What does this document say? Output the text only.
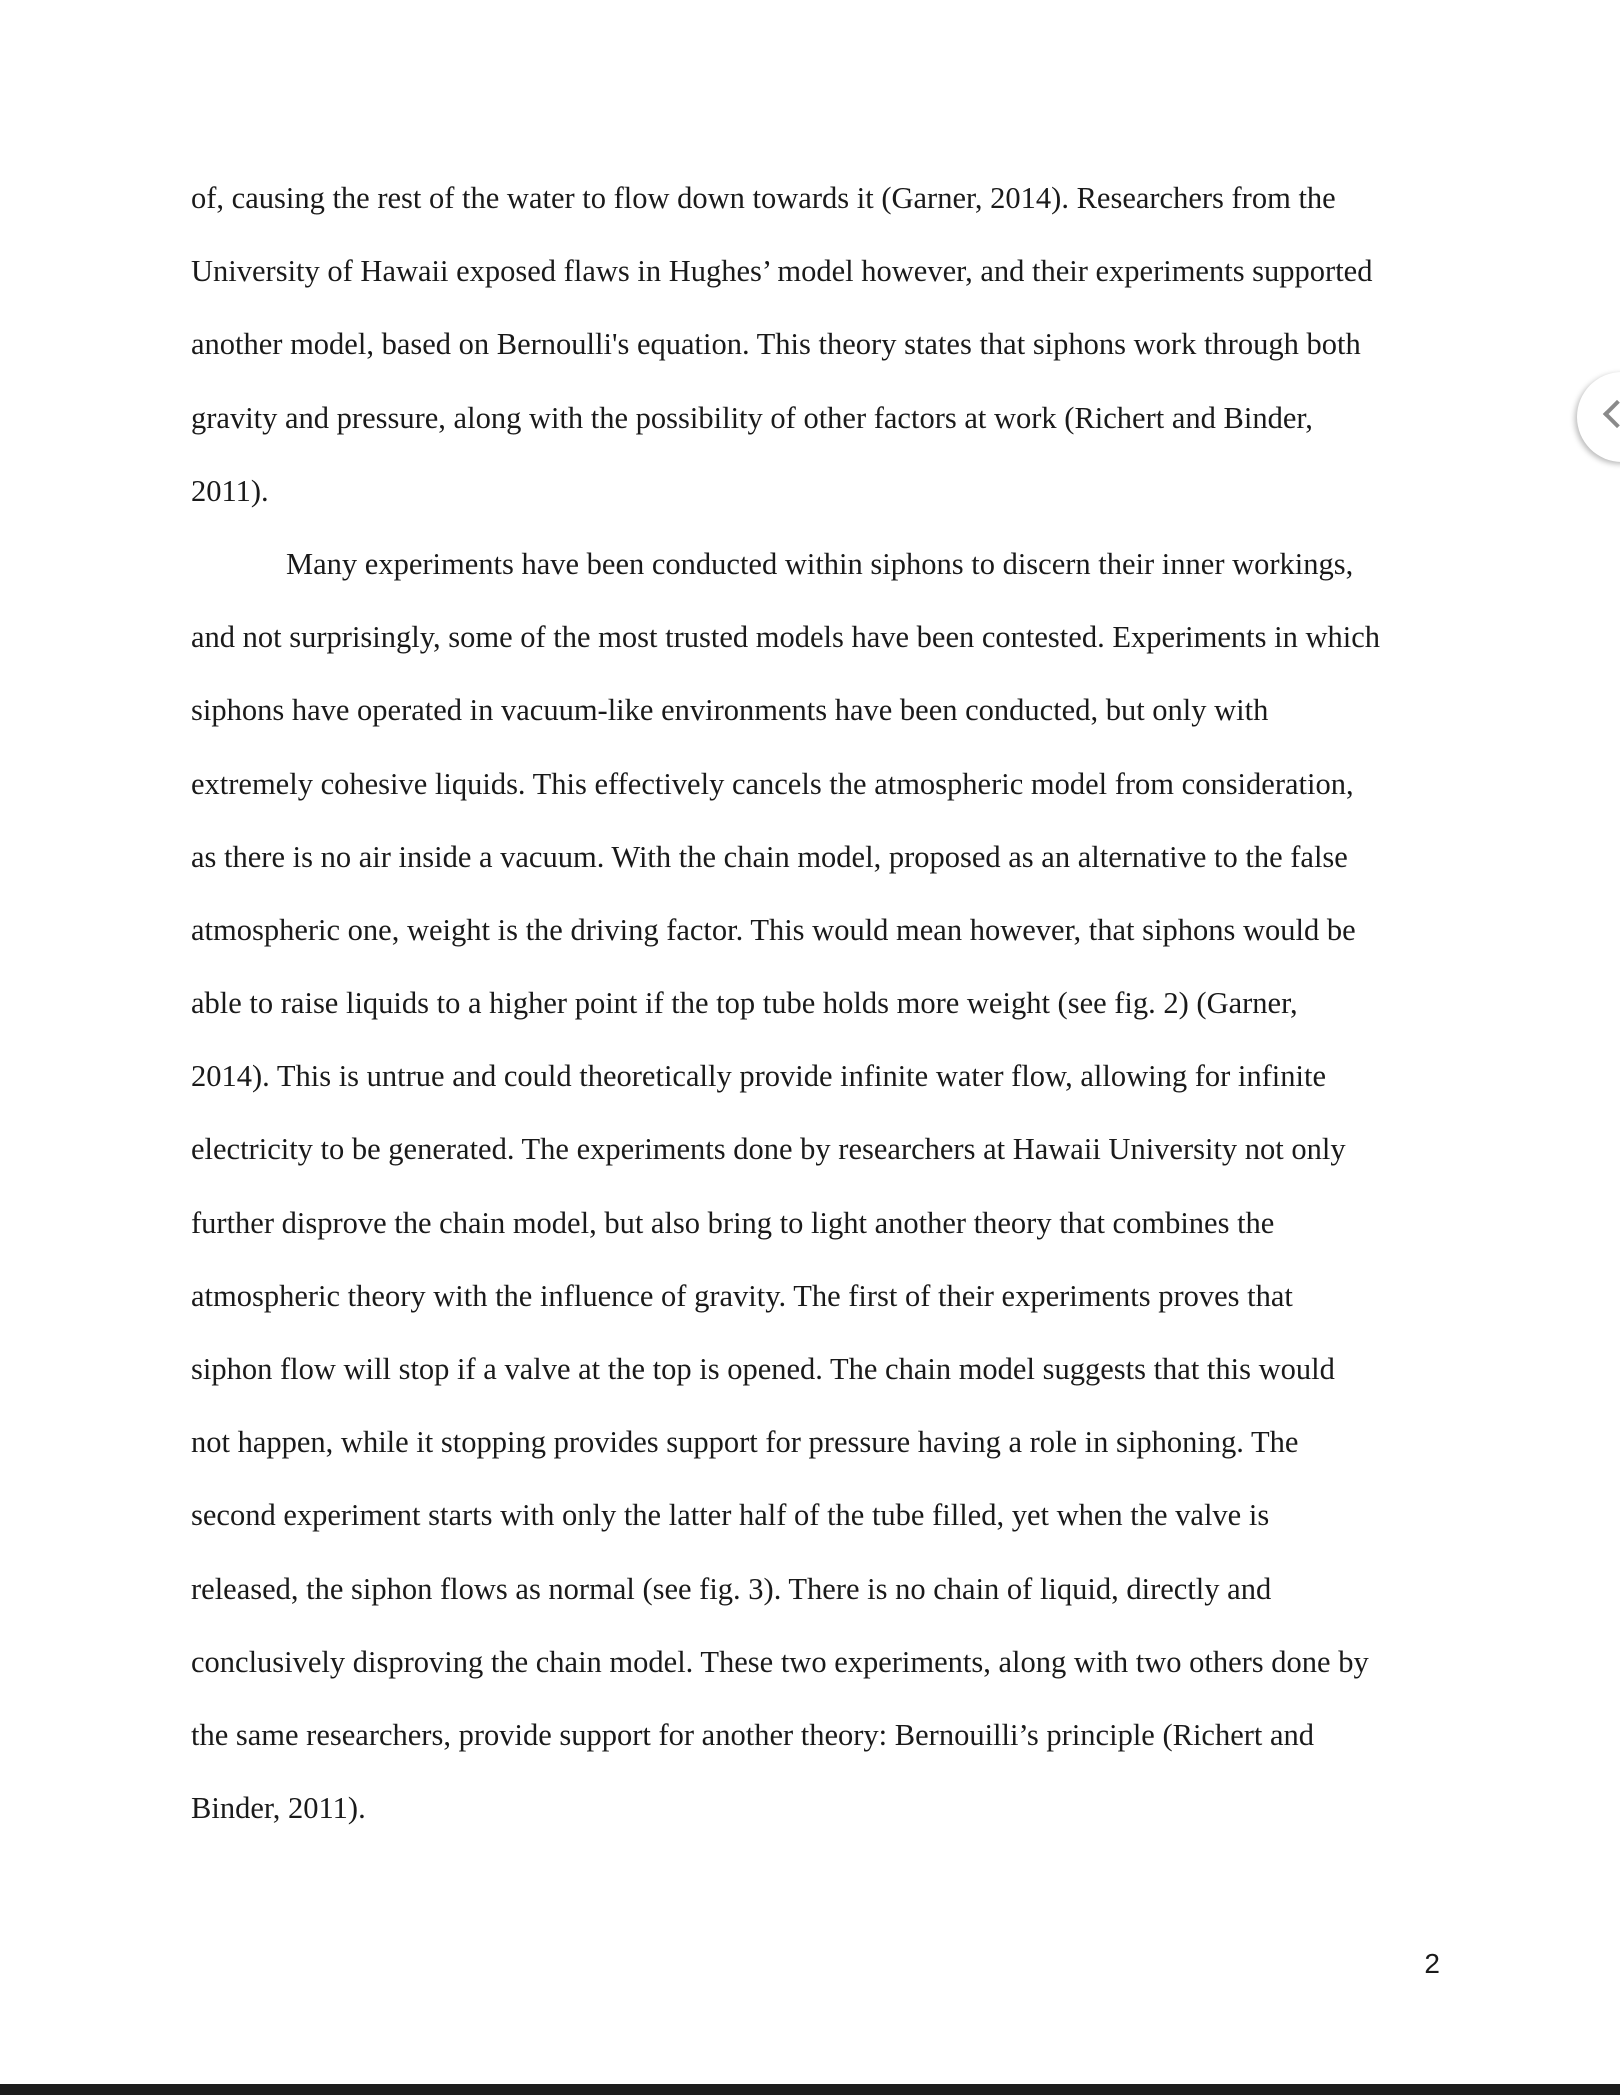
of, causing the rest of the water to flow down towards it (Garner, 2014). Researchers from the
University of Hawaii exposed flaws in Hughes’ model however, and their experiments supported
another model, based on Bernoulli's equation. This theory states that siphons work through both
gravity and pressure, along with the possibility of other factors at work (Richert and Binder,
2011).
Many experiments have been conducted within siphons to discern their inner workings,
and not surprisingly, some of the most trusted models have been contested. Experiments in which
siphons have operated in vacuum-like environments have been conducted, but only with
extremely cohesive liquids. This effectively cancels the atmospheric model from consideration,
as there is no air inside a vacuum. With the chain model, proposed as an alternative to the false
atmospheric one, weight is the driving factor. This would mean however, that siphons would be
able to raise liquids to a higher point if the top tube holds more weight (see fig. 2) (Garner,
2014). This is untrue and could theoretically provide infinite water flow, allowing for infinite
electricity to be generated. The experiments done by researchers at Hawaii University not only
further disprove the chain model, but also bring to light another theory that combines the
atmospheric theory with the influence of gravity. The first of their experiments proves that
siphon flow will stop if a valve at the top is opened. The chain model suggests that this would
not happen, while it stopping provides support for pressure having a role in siphoning. The
second experiment starts with only the latter half of the tube filled, yet when the valve is
released, the siphon flows as normal (see fig. 3). There is no chain of liquid, directly and
conclusively disproving the chain model. These two experiments, along with two others done by
the same researchers, provide support for another theory: Bernouilli’s principle (Richert and
Binder, 2011).
2
